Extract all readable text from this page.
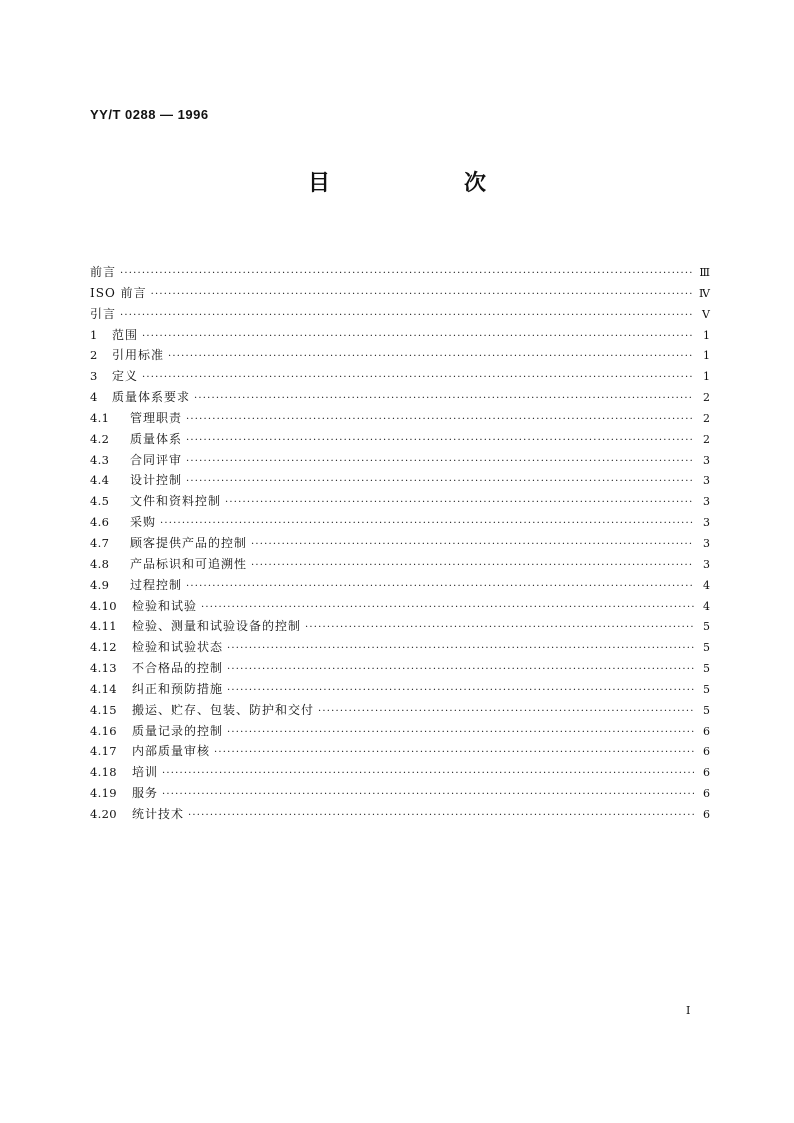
YY/T 0288 — 1996
目　次
前言 ·····	Ⅲ
ISO 前言 ·····	Ⅳ
引言 ·····	Ⅴ
1	范围 ·····	1
2	引用标准 ·····	1
3	定义 ·····	1
4	质量体系要求 ·····	2
4.1	管理职责 ·····	2
4.2	质量体系 ·····	2
4.3	合同评审 ·····	3
4.4	设计控制 ·····	3
4.5	文件和资料控制 ·····	3
4.6	采购 ·····	3
4.7	顾客提供产品的控制 ·····	3
4.8	产品标识和可追溯性 ·····	3
4.9	过程控制 ·····	4
4.10	检验和试验 ·····	4
4.11	检验、测量和试验设备的控制 ·····	5
4.12	检验和试验状态 ·····	5
4.13	不合格品的控制 ·····	5
4.14	纠正和预防措施 ·····	5
4.15	搬运、贮存、包装、防护和交付 ·····	5
4.16	质量记录的控制 ·····	6
4.17	内部质量审核 ·····	6
4.18	培训 ·····	6
4.19	服务 ·····	6
4.20	统计技术 ·····	6
I
